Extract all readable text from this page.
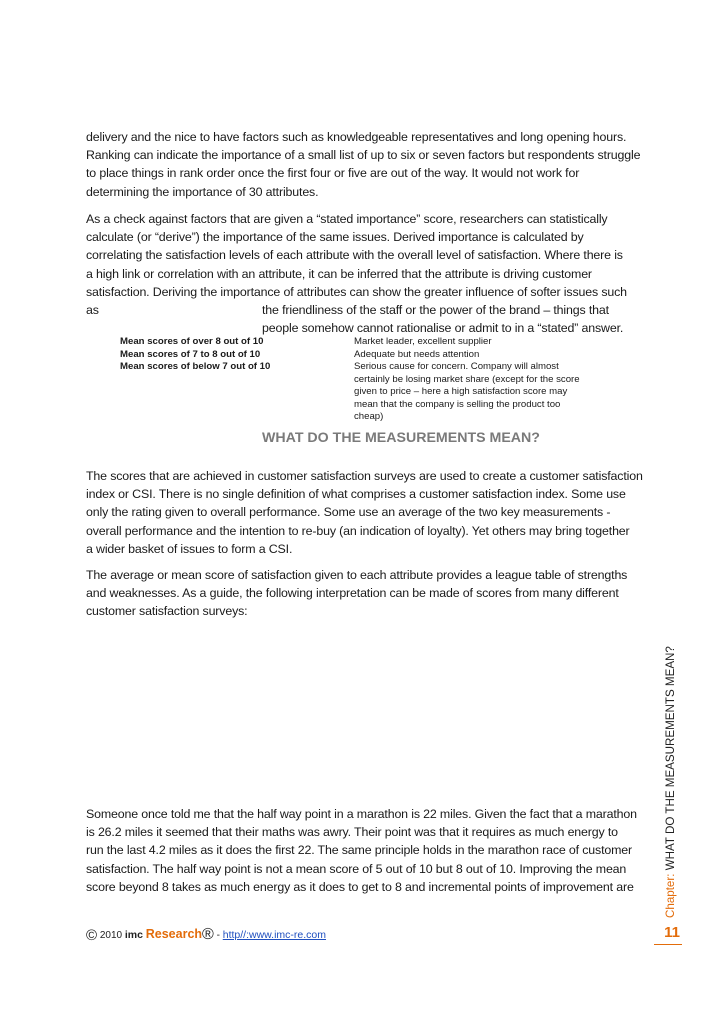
delivery and the nice to have factors such as knowledgeable representatives and long opening hours.
Ranking can indicate the importance of a small list of up to six or seven factors but respondents struggle
to place things in rank order once the first four or five are out of the way. It would not work for
determining the importance of 30 attributes.

As a check against factors that are given a “stated importance” score, researchers can statistically
calculate (or “derive”) the importance of the same issues. Derived importance is calculated by
correlating the satisfaction levels of each attribute with the overall level of satisfaction. Where there is
a high link or correlation with an attribute, it can be inferred that the attribute is driving customer
satisfaction. Deriving the importance of attributes can show the greater influence of softer issues such

as	the friendliness of the staff or the power of the brand – things that
people somehow cannot rationalise or admit to in a “stated” answer.
Mean scores of over 8 out of 10	Market leader, excellent supplier
Mean scores of 7 to 8 out of 10	Adequate but needs attention
Mean scores of below 7 out of 10	Serious cause for concern. Company will almost certainly be losing market share (except for the score given to price – here a high satisfaction score may mean that the company is selling the product too cheap)
WHAT DO THE MEASUREMENTS MEAN?

The scores that are achieved in customer satisfaction surveys are used to create a customer satisfaction
index or CSI. There is no single definition of what comprises a customer satisfaction index. Some use
only the rating given to overall performance. Some use an average of the two key measurements -
overall performance and the intention to re-buy (an indication of loyalty). Yet others may bring together
a wider basket of issues to form a CSI.

The average or mean score of satisfaction given to each attribute provides a league table of strengths
and weaknesses. As a guide, the following interpretation can be made of scores from many different
customer satisfaction surveys:

Someone once told me that the half way point in a marathon is 22 miles. Given the fact that a marathon
is 26.2 miles it seemed that their maths was awry. Their point was that it requires as much energy to
run the last 4.2 miles as it does the first 22. The same principle holds in the marathon race of customer
satisfaction. The half way point is not a mean score of 5 out of 10 but 8 out of 10. Improving the mean
score beyond 8 takes as much energy as it does to get to 8 and incremental points of improvement are	Chapter: WHAT DO THE MEASUREMENTS MEAN?
© 2010 imc Research® - http//:www.imc-re.com	11
